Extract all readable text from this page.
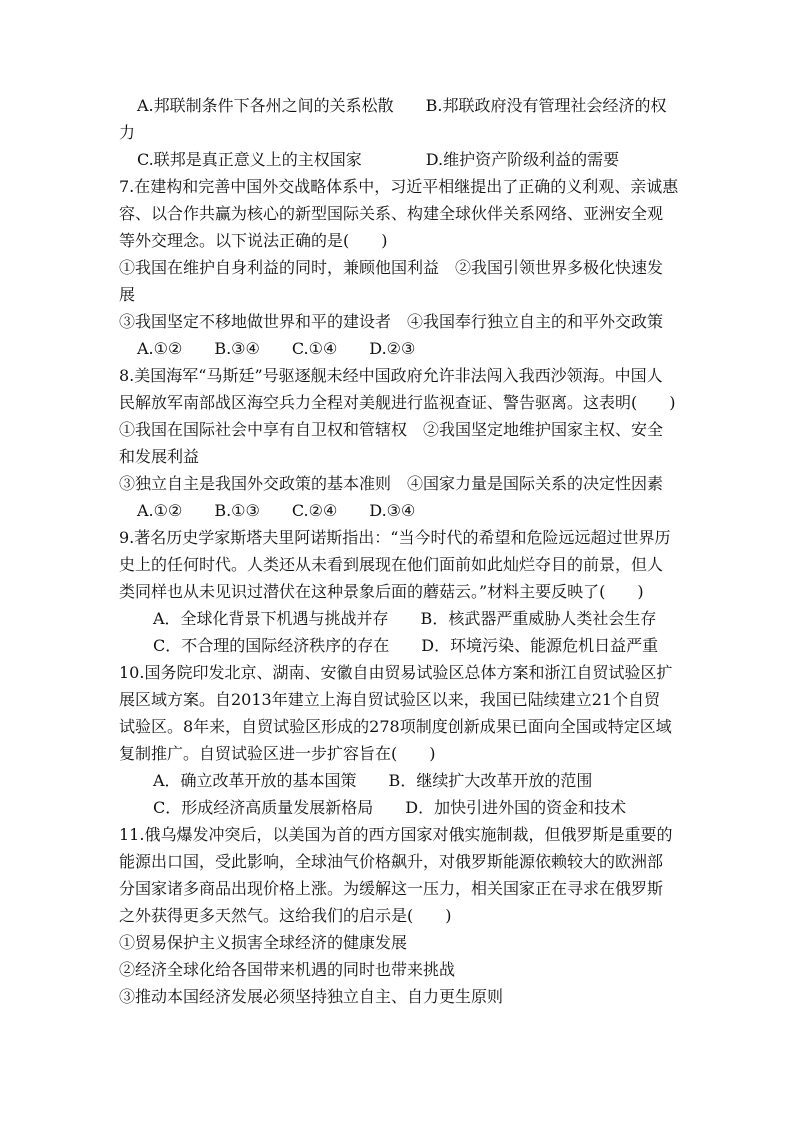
A.邦联制条件下各州之间的关系松散　　B.邦联政府没有管理社会经济的权
力
C.联邦是真正意义上的主权国家　　　　D.维护资产阶级利益的需要
7.在建构和完善中国外交战略体系中，习近平相继提出了正确的义利观、亲诚惠
容、以合作共赢为核心的新型国际关系、构建全球伙伴关系网络、亚洲安全观
等外交理念。以下说法正确的是(　　)
①我国在维护自身利益的同时，兼顾他国利益　②我国引领世界多极化快速发
展
③我国坚定不移地做世界和平的建设者　④我国奉行独立自主的和平外交政策
A.①②　　B.③④　　C.①④　　D.②③
8.美国海军“马斯廷”号驱逐舰未经中国政府允许非法闯入我西沙领海。中国人
民解放军南部战区海空兵力全程对美舰进行监视查证、警告驱离。这表明(　　)
①我国在国际社会中享有自卫权和管辖权　②我国坚定地维护国家主权、安全
和发展利益
③独立自主是我国外交政策的基本准则　④国家力量是国际关系的决定性因素
A.①②　　B.①③　　C.②④　　D.③④
9.著名历史学家斯塔夫里阿诺斯指出：“当今时代的希望和危险远远超过世界历
史上的任何时代。人类还从未看到展现在他们面前如此灿烂夺目的前景，但人
类同样也从未见识过潜伏在这种景象后面的蘑菇云。”材料主要反映了(　　)
A．全球化背景下机遇与挑战并存　　B．核武器严重威胁人类社会生存
C．不合理的国际经济秩序的存在　　D．环境污染、能源危机日益严重
10.国务院印发北京、湖南、安徽自由贸易试验区总体方案和浙江自贸试验区扩
展区域方案。自2013年建立上海自贸试验区以来，我国已陆续建立21个自贸
试验区。8年来，自贸试验区形成的278项制度创新成果已面向全国或特定区域
复制推广。自贸试验区进一步扩容旨在(　　)
A．确立改革开放的基本国策　　B．继续扩大改革开放的范围
C．形成经济高质量发展新格局　　D．加快引进外国的资金和技术
11.俄乌爆发冲突后，以美国为首的西方国家对俄实施制裁，但俄罗斯是重要的
能源出口国，受此影响，全球油气价格飙升，对俄罗斯能源依赖较大的欧洲部
分国家诸多商品出现价格上涨。为缓解这一压力，相关国家正在寻求在俄罗斯
之外获得更多天然气。这给我们的启示是(　　)
①贸易保护主义损害全球经济的健康发展
②经济全球化给各国带来机遇的同时也带来挑战
③推动本国经济发展必须坚持独立自主、自力更生原则
